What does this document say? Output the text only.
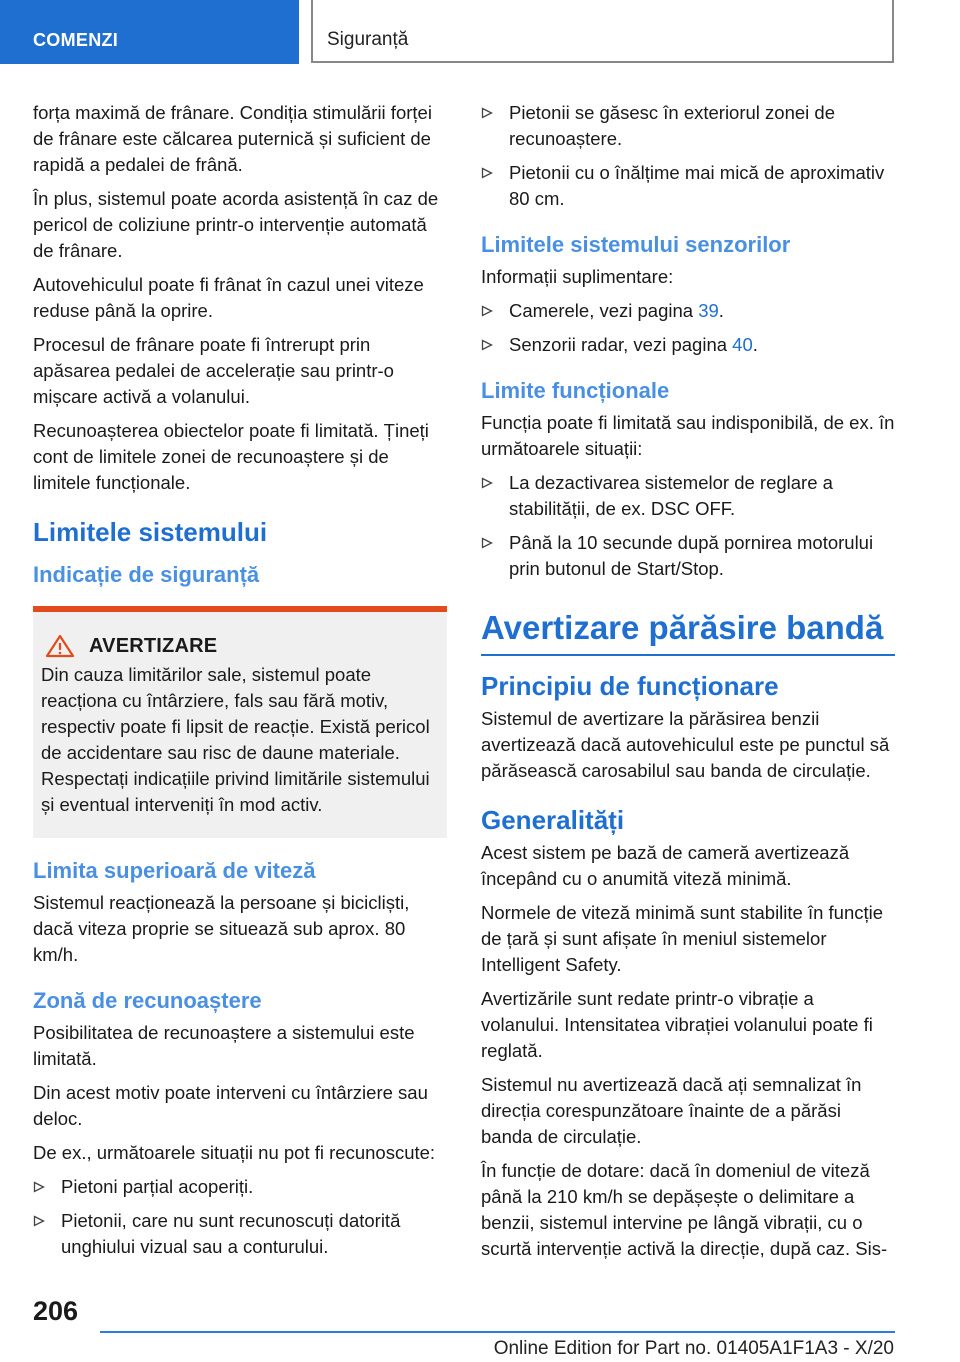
COMENZI	Siguranță

forța maximă de frânare. Condiția stimulării forței de frânare este călcarea puternică și suficient de rapidă a pedalei de frână.

În plus, sistemul poate acorda asistență în caz de pericol de coliziune printr-o intervenție automată de frânare.

Autovehiculul poate fi frânat în cazul unei viteze reduse până la oprire.

Procesul de frânare poate fi întrerupt prin apăsarea pedalei de accelerație sau printr-o mișcare activă a volanului.

Recunoașterea obiectelor poate fi limitată. Țineți cont de limitele zonei de recunoaștere și de limitele funcționale.

Limitele sistemului
Indicație de siguranță
AVERTIZARE

Din cauza limitărilor sale, sistemul poate reacționa cu întârziere, fals sau fără motiv, respectiv poate fi lipsit de reacție. Există pericol de accidentare sau risc de daune materiale. Respectați indicațiile privind limitările sistemului și eventual interveniți în mod activ.

Limita superioară de viteză

Sistemul reacționează la persoane și bicicliști, dacă viteza proprie se situează sub aprox. 80 km/h.

Zonă de recunoaștere

Posibilitatea de recunoaștere a sistemului este limitată.

Din acest motiv poate interveni cu întârziere sau deloc.

De ex., următoarele situații nu pot fi recunoscute:

Pietoni parțial acoperiți.
Pietonii, care nu sunt recunoscuți datorită unghiului vizual sau a conturului.
Pietonii se găsesc în exteriorul zonei de recunoaștere.
Pietonii cu o înălțime mai mică de aproximativ 80 cm.
Limitele sistemului senzorilor

Informații suplimentare:

Camerele, vezi pagina 39.
Senzorii radar, vezi pagina 40.
Limite funcționale

Funcția poate fi limitată sau indisponibilă, de ex. în următoarele situații:

La dezactivarea sistemelor de reglare a stabilității, de ex. DSC OFF.
Până la 10 secunde după pornirea motorului prin butonul de Start/Stop.
Avertizare părăsire bandă
Principiu de funcționare

Sistemul de avertizare la părăsirea benzii avertizează dacă autovehiculul este pe punctul să părăsească carosabilul sau banda de circulație.

Generalități

Acest sistem pe bază de cameră avertizează începând cu o anumită viteză minimă.

Normele de viteză minimă sunt stabilite în funcție de țară și sunt afișate în meniul sistemelor Intelligent Safety.

Avertizările sunt redate printr-o vibrație a volanului. Intensitatea vibrației volanului poate fi reglată.

Sistemul nu avertizează dacă ați semnalizat în direcția corespunzătoare înainte de a părăsi banda de circulație.

În funcție de dotare: dacă în domeniul de viteză până la 210 km/h se depășește o delimitare a benzii, sistemul intervine pe lângă vibrații, cu o scurtă intervenție activă la direcție, după caz. Sis-

206
Online Edition for Part no. 01405A1F1A3 - X/20
